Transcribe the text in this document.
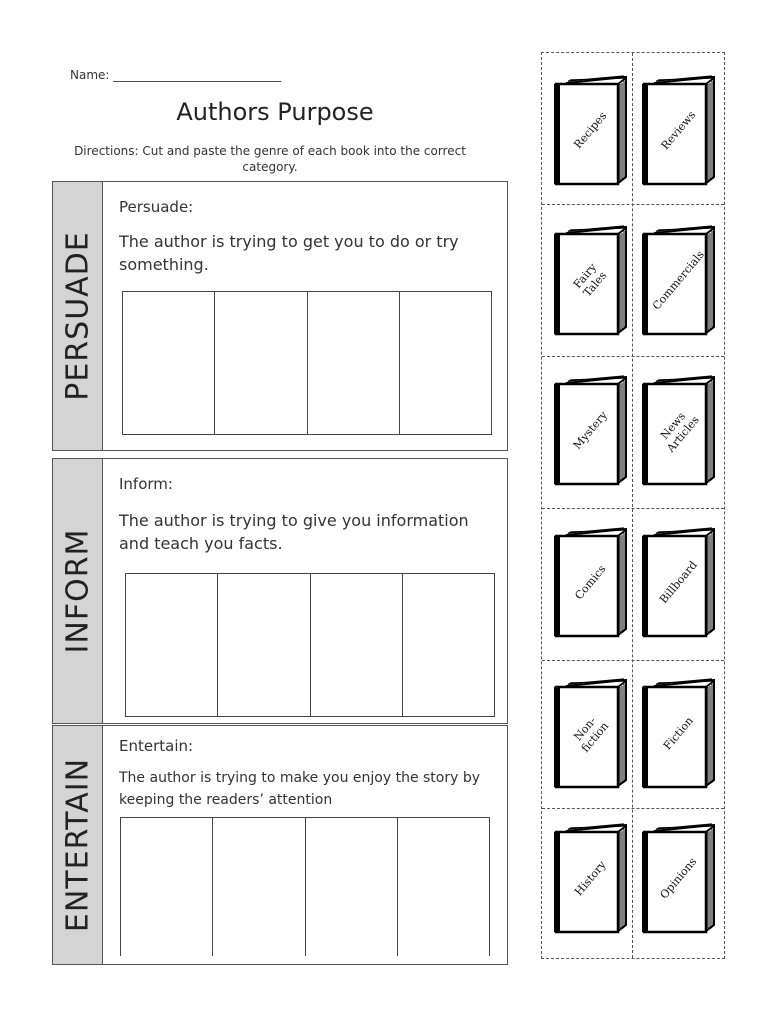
Name: ____________________________
Authors Purpose
Directions: Cut and paste the genre of each book into the correct category.
PERSUADE
Persuade:
The author is trying to get you to do or try something.
INFORM
Inform:
The author is trying to give you information and teach you facts.
ENTERTAIN
Entertain:
The author is trying to make you enjoy the story by keeping the readers’ attention
Recipes	Reviews
Fairy Tales	Commercials
Mystery	News Articles
Comics	Billboard
Non-fiction	Fiction
History	Opinions
